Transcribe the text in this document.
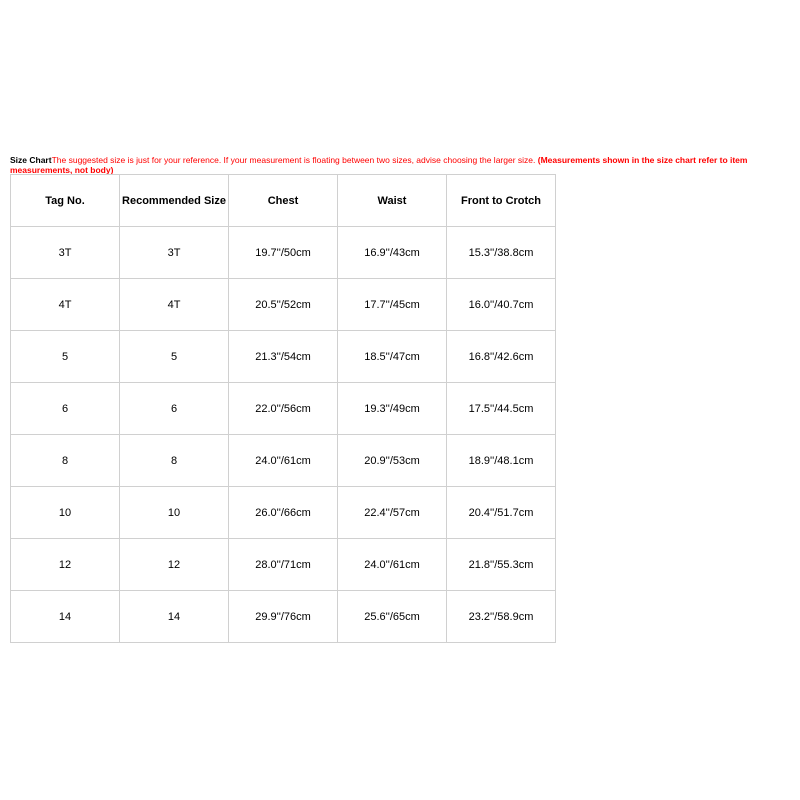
Size ChartThe suggested size is just for your reference. If your measurement is floating between two sizes, advise choosing the larger size. (Measurements shown in the size chart refer to item measurements, not body)
Tag No.	Recommended Size	Chest	Waist	Front to Crotch
3T	3T	19.7''/50cm	16.9''/43cm	15.3''/38.8cm
4T	4T	20.5''/52cm	17.7''/45cm	16.0''/40.7cm
5	5	21.3''/54cm	18.5''/47cm	16.8''/42.6cm
6	6	22.0''/56cm	19.3''/49cm	17.5''/44.5cm
8	8	24.0''/61cm	20.9''/53cm	18.9''/48.1cm
10	10	26.0''/66cm	22.4''/57cm	20.4''/51.7cm
12	12	28.0''/71cm	24.0''/61cm	21.8''/55.3cm
14	14	29.9''/76cm	25.6''/65cm	23.2''/58.9cm
